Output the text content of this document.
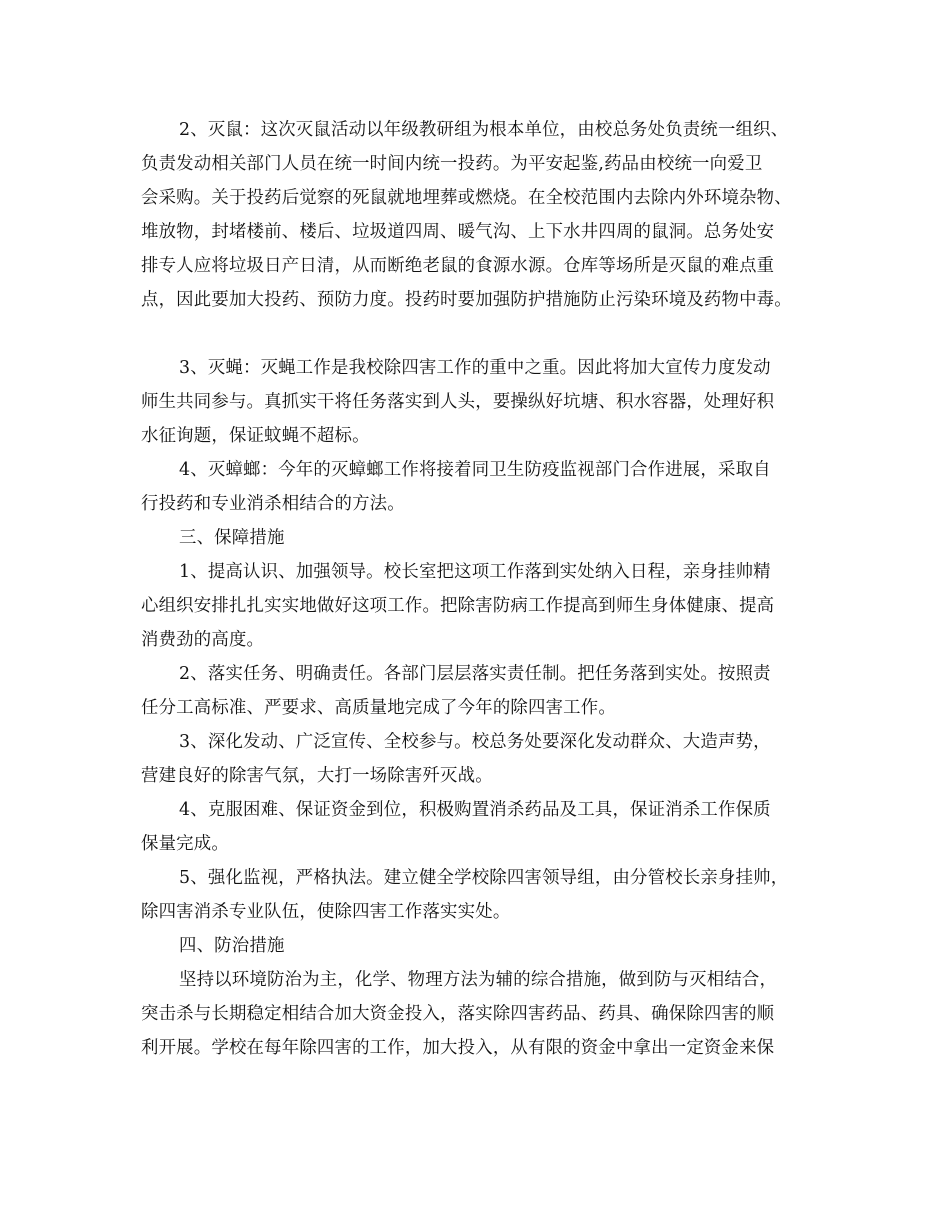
2、灭鼠：这次灭鼠活动以年级教研组为根本单位，由校总务处负责统一组织、
负责发动相关部门人员在统一时间内统一投药。为平安起鉴,药品由校统一向爱卫
会采购。关于投药后觉察的死鼠就地埋葬或燃烧。在全校范围内去除内外环境杂物、
堆放物，封堵楼前、楼后、垃圾道四周、暖气沟、上下水井四周的鼠洞。总务处安
排专人应将垃圾日产日清，从而断绝老鼠的食源水源。仓库等场所是灭鼠的难点重
点，因此要加大投药、预防力度。投药时要加强防护措施防止污染环境及药物中毒。
3、灭蝇：灭蝇工作是我校除四害工作的重中之重。因此将加大宣传力度发动
师生共同参与。真抓实干将任务落实到人头，要操纵好坑塘、积水容器，处理好积
水征询题，保证蚊蝇不超标。
4、灭蟑螂：今年的灭蟑螂工作将接着同卫生防疫监视部门合作进展，采取自
行投药和专业消杀相结合的方法。
三、保障措施
1、提高认识、加强领导。校长室把这项工作落到实处纳入日程，亲身挂帅精
心组织安排扎扎实实地做好这项工作。把除害防病工作提高到师生身体健康、提高
消费劲的高度。
2、落实任务、明确责任。各部门层层落实责任制。把任务落到实处。按照责
任分工高标准、严要求、高质量地完成了今年的除四害工作。
3、深化发动、广泛宣传、全校参与。校总务处要深化发动群众、大造声势，
营建良好的除害气氛，大打一场除害歼灭战。
4、克服困难、保证资金到位，积极购置消杀药品及工具，保证消杀工作保质
保量完成。
5、强化监视，严格执法。建立健全学校除四害领导组，由分管校长亲身挂帅，
除四害消杀专业队伍，使除四害工作落实实处。
四、防治措施
坚持以环境防治为主，化学、物理方法为辅的综合措施，做到防与灭相结合，
突击杀与长期稳定相结合加大资金投入，落实除四害药品、药具、确保除四害的顺
利开展。学校在每年除四害的工作，加大投入，从有限的资金中拿出一定资金来保
